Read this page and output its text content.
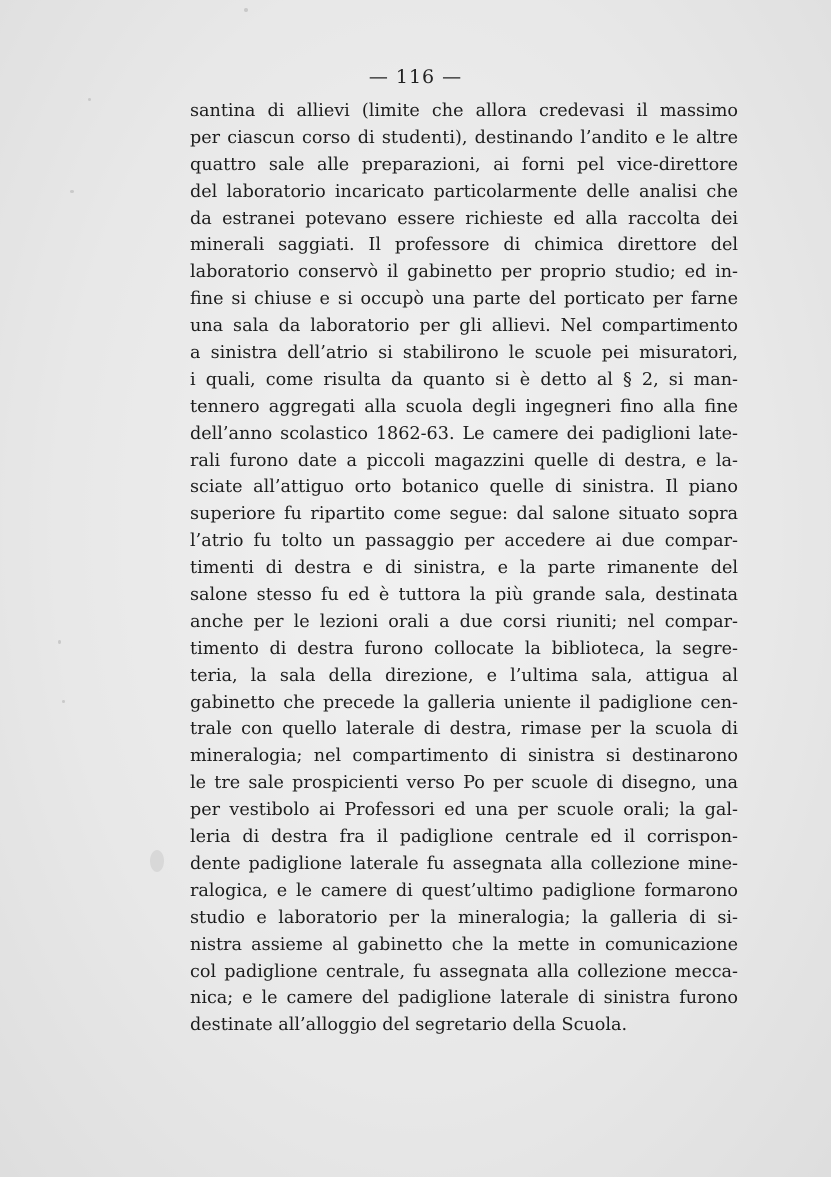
— 116 —
santina di allievi (limite che allora credevasi il massimo
per ciascun corso di studenti), destinando l’andito e le altre
quattro sale alle preparazioni, ai forni pel vice-direttore
del laboratorio incaricato particolarmente delle analisi che
da estranei potevano essere richieste ed alla raccolta dei
minerali saggiati. Il professore di chimica direttore del
laboratorio conservò il gabinetto per proprio studio; ed in-
fine si chiuse e si occupò una parte del porticato per farne
una sala da laboratorio per gli allievi. Nel compartimento
a sinistra dell’atrio si stabilirono le scuole pei misuratori,
i quali, come risulta da quanto si è detto al § 2, si man-
tennero aggregati alla scuola degli ingegneri fino alla fine
dell’anno scolastico 1862-63. Le camere dei padiglioni late-
rali furono date a piccoli magazzini quelle di destra, e la-
sciate all’attiguo orto botanico quelle di sinistra. Il piano
superiore fu ripartito come segue: dal salone situato sopra
l’atrio fu tolto un passaggio per accedere ai due compar-
timenti di destra e di sinistra, e la parte rimanente del
salone stesso fu ed è tuttora la più grande sala, destinata
anche per le lezioni orali a due corsi riuniti; nel compar-
timento di destra furono collocate la biblioteca, la segre-
teria, la sala della direzione, e l’ultima sala, attigua al
gabinetto che precede la galleria uniente il padiglione cen-
trale con quello laterale di destra, rimase per la scuola di
mineralogia; nel compartimento di sinistra si destinarono
le tre sale prospicienti verso Po per scuole di disegno, una
per vestibolo ai Professori ed una per scuole orali; la gal-
leria di destra fra il padiglione centrale ed il corrispon-
dente padiglione laterale fu assegnata alla collezione mine-
ralogica, e le camere di quest’ultimo padiglione formarono
studio e laboratorio per la mineralogia; la galleria di si-
nistra assieme al gabinetto che la mette in comunicazione
col padiglione centrale, fu assegnata alla collezione mecca-
nica; e le camere del padiglione laterale di sinistra furono
destinate all’alloggio del segretario della Scuola.
